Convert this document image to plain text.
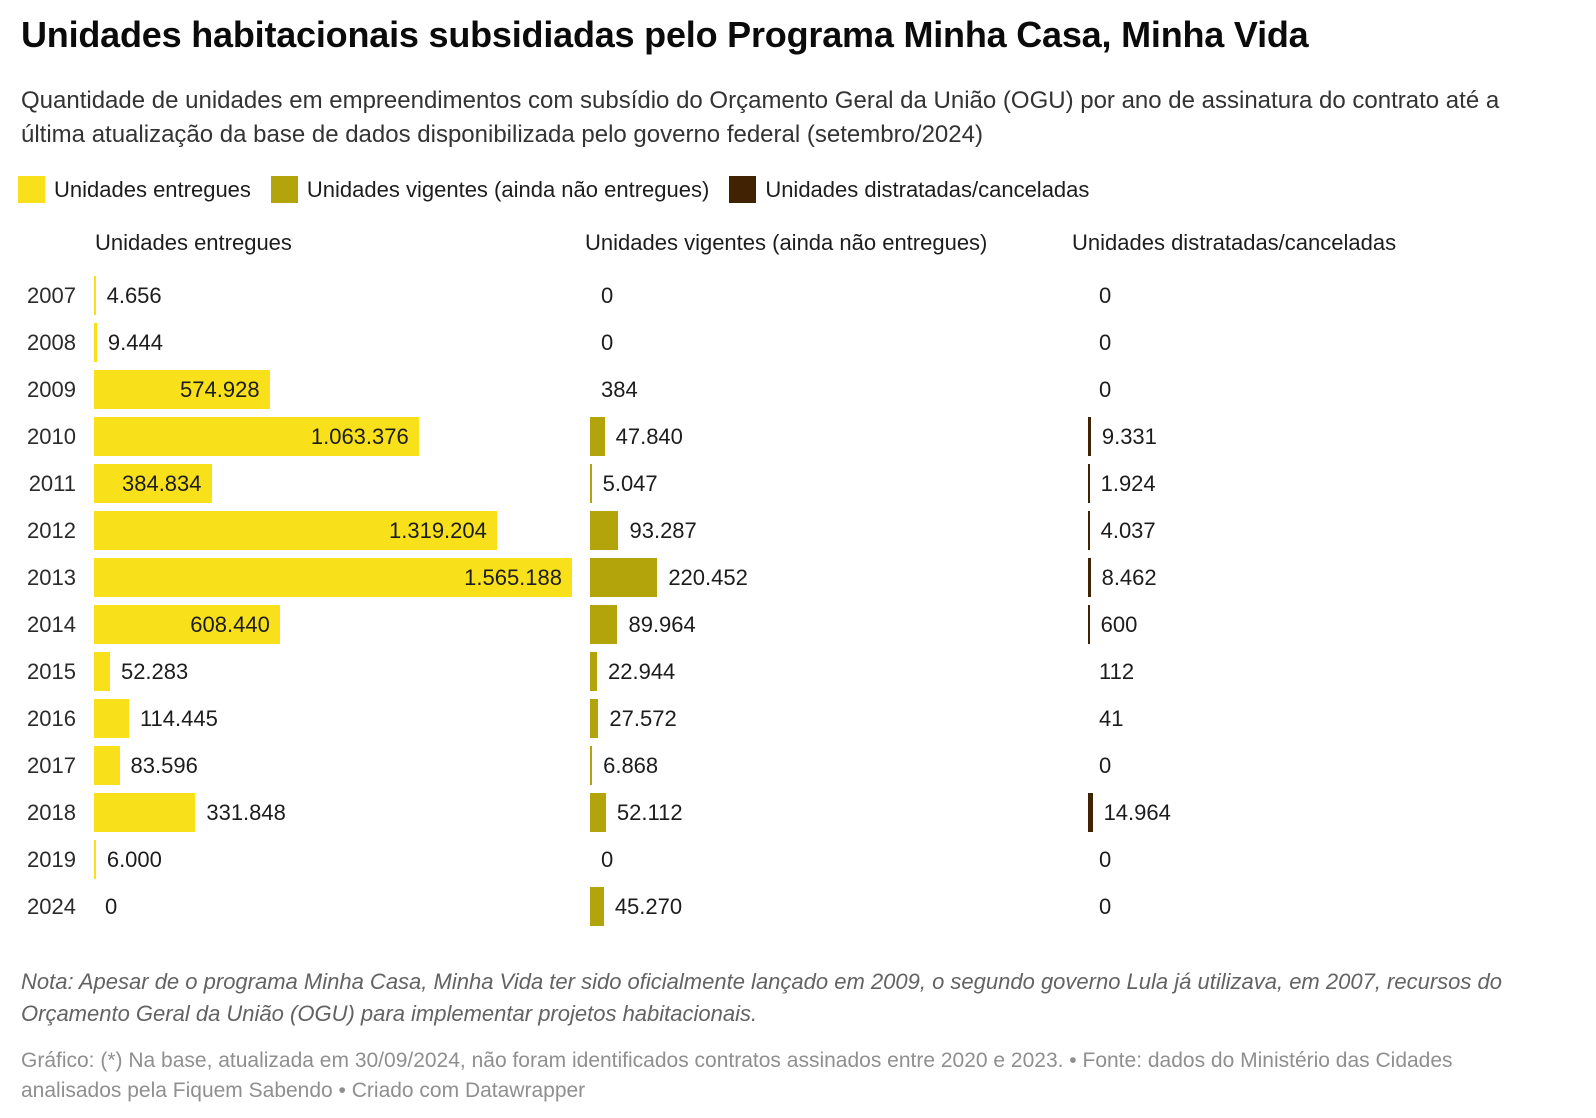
Unidades habitacionais subsidiadas pelo Programa Minha Casa, Minha Vida

Quantidade de unidades em empreendimentos com subsídio do Orçamento Geral da União (OGU) por ano de assinatura do contrato até a última atualização da base de dados disponibilizada pelo governo federal (setembro/2024)

Unidades entregues	Unidades vigentes (ainda não entregues)	Unidades distratadas/canceladas
Unidades entregues	Unidades vigentes (ainda não entregues)	Unidades distratadas/canceladas
2007 4.656	0	0
2008 9.444	0	0
2009	574.928	384	0
2010	1.063.376	47.840	9.331
2011	384.834	5.047	1.924
2012	1.319.204	93.287	4.037
2013	1.565.188	220.452	8.462
2014	608.440	89.964	600
2015 52.283	22.944	112
2016	114.445	27.572	41
2017 83.596	6.868	0
2018	331.848	52.112	14.964
2019 6.000	0	0
2024 0	45.270	0

Nota: Apesar de o programa Minha Casa, Minha Vida ter sido oficialmente lançado em 2009, o segundo governo Lula já utilizava, em 2007, recursos do Orçamento Geral da União (OGU) para implementar projetos habitacionais.

Gráfico: (*) Na base, atualizada em 30/09/2024, não foram identificados contratos assinados entre 2020 e 2023. • Fonte: dados do Ministério das Cidades analisados pela Fiquem Sabendo • Criado com Datawrapper
